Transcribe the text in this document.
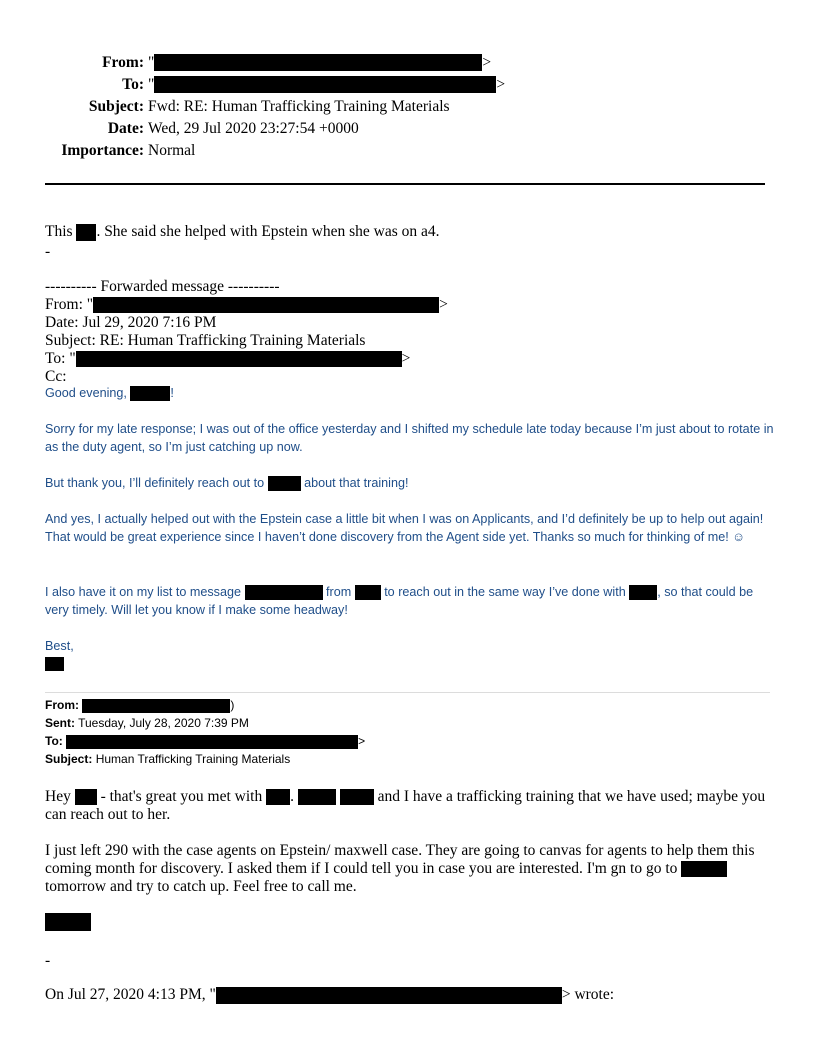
From: "	>
To: "	>
Subject: Fwd: RE: Human Trafficking Training Materials
Date: Wed, 29 Jul 2020 23:27:54 +0000
Importance: Normal
This . She said she helped with Epstein when she was on a4.
-
---------- Forwarded message ----------
From: "	>
Date: Jul 29, 2020 7:16 PM
Subject: RE: Human Trafficking Training Materials
To: "	>
Cc:
Good evening,	!
Sorry for my late response; I was out of the office yesterday and I shifted my schedule late today because I’m just about to rotate in as the duty agent, so I’m just catching up now.
But thank you, I’ll definitely reach out to	about that training!
And yes, I actually helped out with the Epstein case a little bit when I was on Applicants, and I’d definitely be up to help out again! That would be great experience since I haven’t done discovery from the Agent side yet. Thanks so much for thinking of me! ☺
I also have it on my list to message	from	to reach out in the same way I’ve done with	, so that could be very timely. Will let you know if I make some headway!
Best,
From:	)
Sent: Tuesday, July 28, 2020 7:39 PM
To:	>
Subject: Human Trafficking Training Materials
Hey - that's great you met with .	and I have a trafficking training that we have used; maybe you can reach out to her.
I just left 290 with the case agents on Epstein/ maxwell case. They are going to canvas for agents to help them this coming month for discovery. I asked them if I could tell you in case you are interested. I'm gn to go to  tomorrow and try to catch up. Feel free to call me.
-
On Jul 27, 2020 4:13 PM, "	> wrote:
